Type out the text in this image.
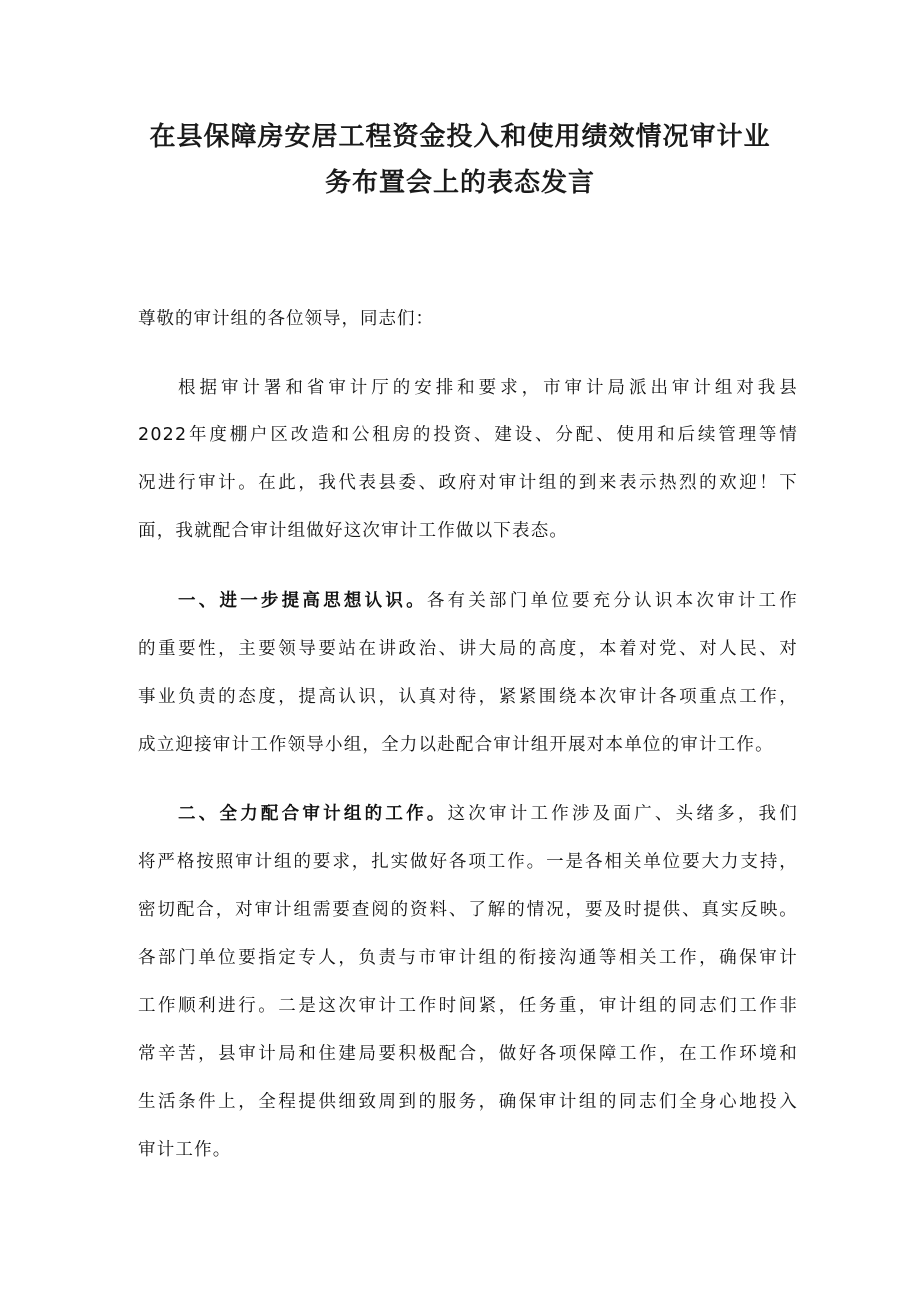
在县保障房安居工程资金投入和使用绩效情况审计业
务布置会上的表态发言
尊敬的审计组的各位领导，同志们：
根据审计署和省审计厅的安排和要求，市审计局派出审计组对我县
2022年度棚户区改造和公租房的投资、建设、分配、使用和后续管理等情
况进行审计。在此，我代表县委、政府对审计组的到来表示热烈的欢迎！下
面，我就配合审计组做好这次审计工作做以下表态。
一、进一步提高思想认识。各有关部门单位要充分认识本次审计工作
的重要性，主要领导要站在讲政治、讲大局的高度，本着对党、对人民、对
事业负责的态度，提高认识，认真对待，紧紧围绕本次审计各项重点工作，
成立迎接审计工作领导小组，全力以赴配合审计组开展对本单位的审计工作。
二、全力配合审计组的工作。这次审计工作涉及面广、头绪多，我们
将严格按照审计组的要求，扎实做好各项工作。一是各相关单位要大力支持，
密切配合，对审计组需要查阅的资料、了解的情况，要及时提供、真实反映。
各部门单位要指定专人，负责与市审计组的衔接沟通等相关工作，确保审计
工作顺利进行。二是这次审计工作时间紧，任务重，审计组的同志们工作非
常辛苦，县审计局和住建局要积极配合，做好各项保障工作，在工作环境和
生活条件上，全程提供细致周到的服务，确保审计组的同志们全身心地投入
审计工作。
